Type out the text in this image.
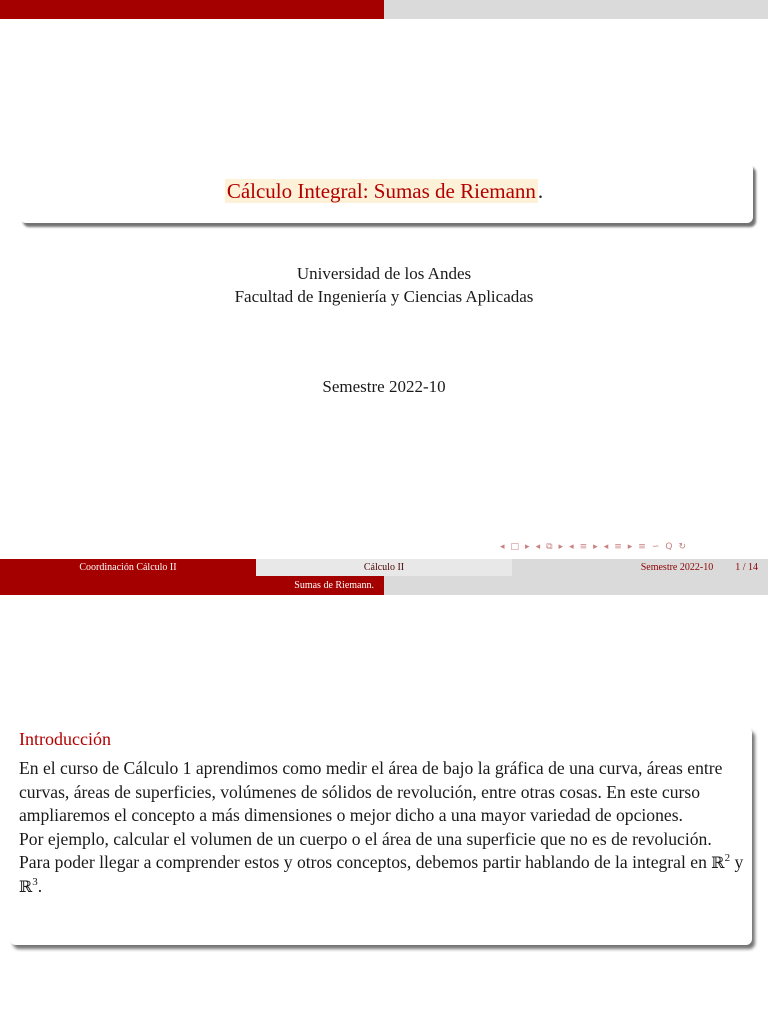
Cálculo Integral: Sumas de Riemann.
Universidad de los Andes
Facultad de Ingeniería y Ciencias Aplicadas
Semestre 2022-10
◂ □ ▸ ◂ ⧉ ▸ ◂ ≡ ▸ ◂ ≡ ▸ ≡ ∽ Q ↻
Coordinación Cálculo II	Cálculo II	Semestre 2022-10 1 / 14
Sumas de Riemann.
Introducción

En el curso de Cálculo 1 aprendimos como medir el área de bajo la gráfica de una curva, áreas entre curvas, áreas de superficies, volúmenes de sólidos de revolución, entre otras cosas. En este curso ampliaremos el concepto a más dimensiones o mejor dicho a una mayor variedad de opciones.

Por ejemplo, calcular el volumen de un cuerpo o el área de una superficie que no es de revolución.

Para poder llegar a comprender estos y otros conceptos, debemos partir hablando de la integral en ℝ$^2$ y ℝ$^3$.
